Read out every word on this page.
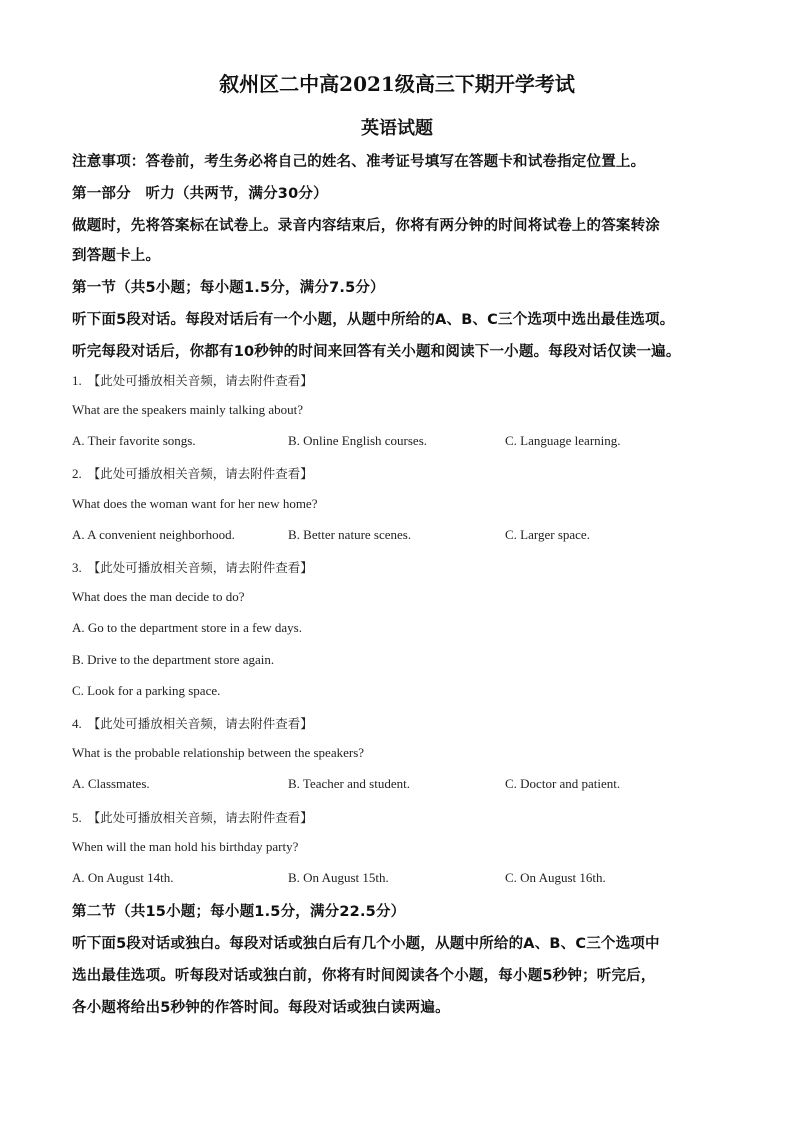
叙州区二中高2021级高三下期开学考试
英语试题
注意事项：答卷前，考生务必将自己的姓名、准考证号填写在答题卡和试卷指定位置上。
第一部分　听力（共两节，满分30分）
做题时，先将答案标在试卷上。录音内容结束后，你将有两分钟的时间将试卷上的答案转涂
到答题卡上。
第一节（共5小题；每小题1.5分，满分7.5分）
听下面5段对话。每段对话后有一个小题，从题中所给的A、B、C三个选项中选出最佳选项。
听完每段对话后，你都有10秒钟的时间来回答有关小题和阅读下一小题。每段对话仅读一遍。
1. 【此处可播放相关音频，请去附件查看】
What are the speakers mainly talking about?
A. Their favorite songs.	B. Online English courses.	C. Language learning.
2. 【此处可播放相关音频，请去附件查看】
What does the woman want for her new home?
A. A convenient neighborhood.	B. Better nature scenes.	C. Larger space.
3. 【此处可播放相关音频，请去附件查看】
What does the man decide to do?
A. Go to the department store in a few days.
B. Drive to the department store again.
C. Look for a parking space.
4. 【此处可播放相关音频，请去附件查看】
What is the probable relationship between the speakers?
A. Classmates.	B. Teacher and student.	C. Doctor and patient.
5. 【此处可播放相关音频，请去附件查看】
When will the man hold his birthday party?
A. On August 14th.	B. On August 15th.	C. On August 16th.
第二节（共15小题；每小题1.5分，满分22.5分）
听下面5段对话或独白。每段对话或独白后有几个小题，从题中所给的A、B、C三个选项中
选出最佳选项。听每段对话或独白前，你将有时间阅读各个小题，每小题5秒钟；听完后，
各小题将给出5秒钟的作答时间。每段对话或独白读两遍。
